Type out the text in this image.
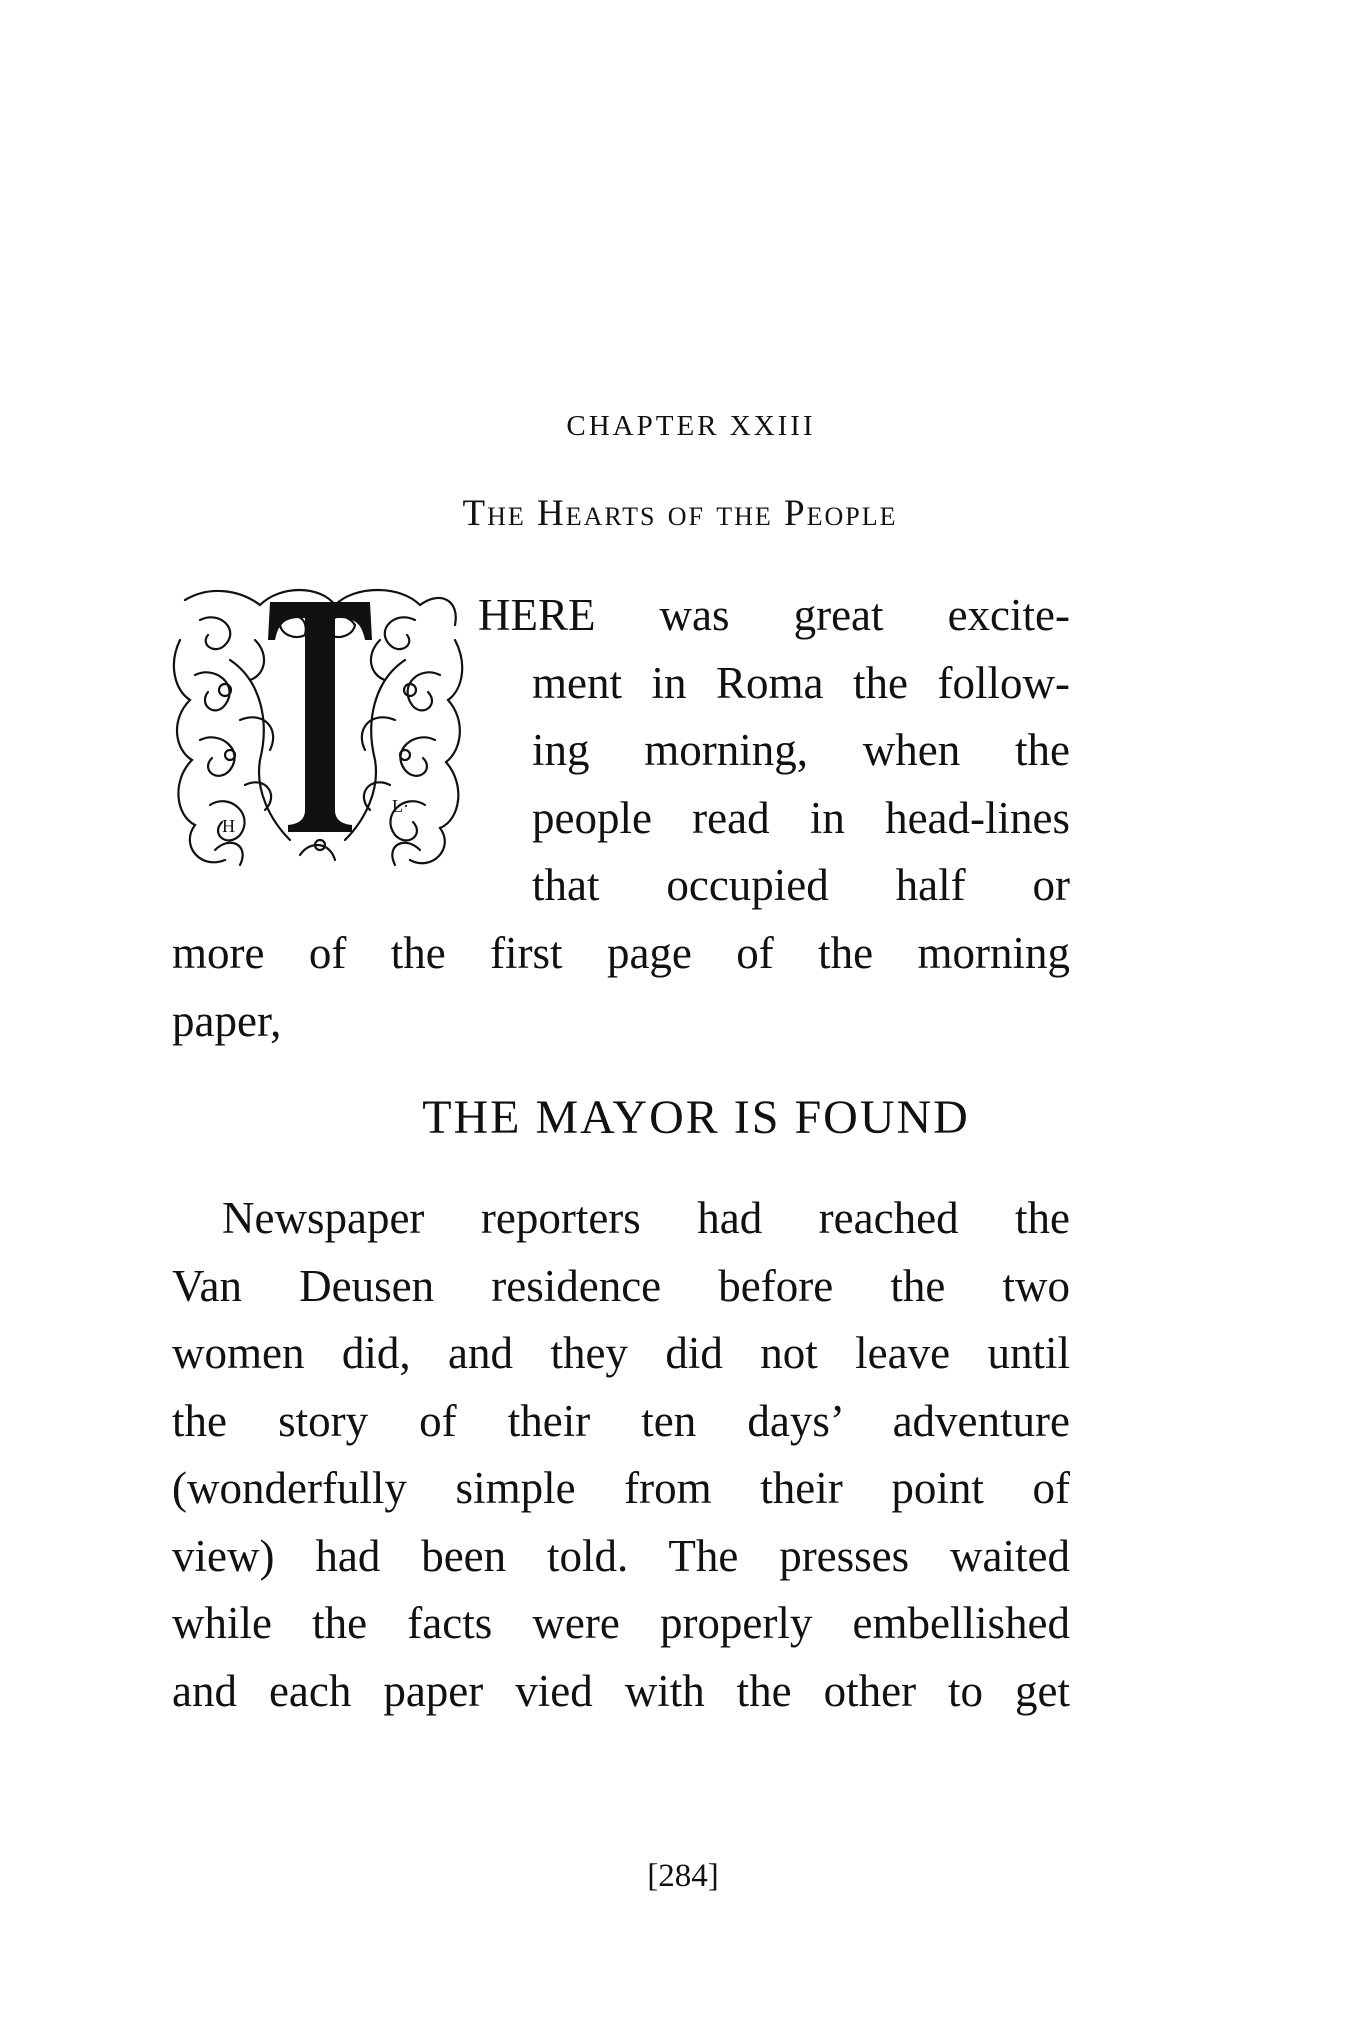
CHAPTER XXIII
The Hearts of the People
H
L·
HERE was great excite-
ment in Roma the follow-
ing morning, when the
people read in head-lines
that occupied half or
more of the first page of the morning
paper,
THE MAYOR IS FOUND
Newspaper reporters had reached the
Van Deusen residence before the two
women did, and they did not leave until
the story of their ten days’ adventure
(wonderfully simple from their point of
view) had been told. The presses waited
while the facts were properly embellished
and each paper vied with the other to get
[284]
